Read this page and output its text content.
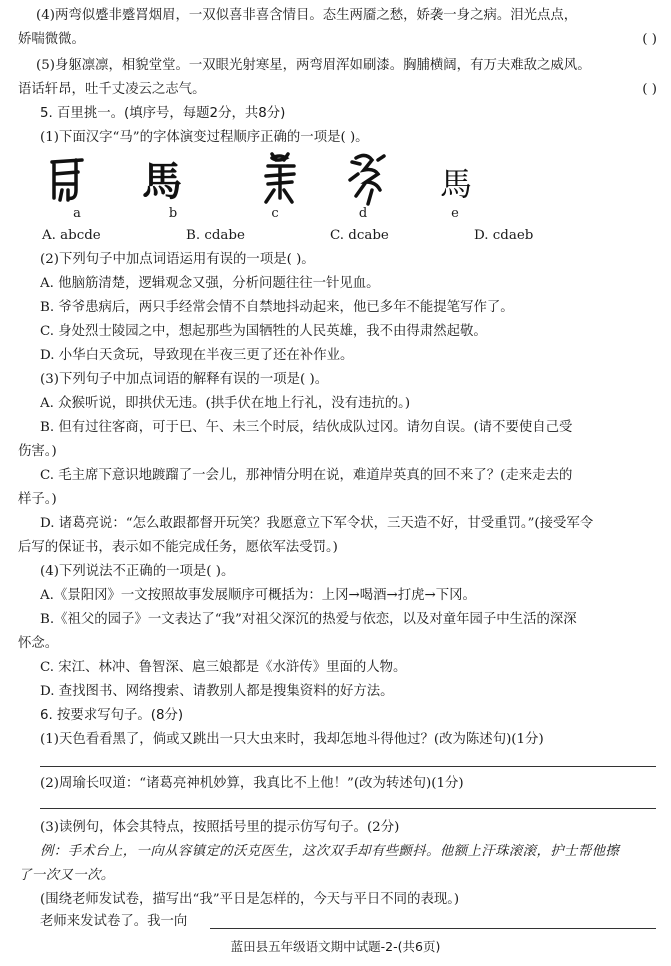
(4)两弯似蹙非蹙罥烟眉，一双似喜非喜含情目。态生两靥之愁，娇袭一身之病。泪光点点，
娇喘微微。	( )
(5)身躯凛凛，相貌堂堂。一双眼光射寒星，两弯眉浑如刷漆。胸脯横阔，有万夫难敌之威风。
语话轩昂，吐千丈凌云之志气。	( )
5. 百里挑一。(填序号，每题2分，共8分)
(1)下面汉字“马”的字体演变过程顺序正确的一项是( )。
馬	馬
a	b	c	d	e
A. abcde	B. cdabe	C. dcabe	D. cdaeb
(2)下列句子中加点词语运用有误的一项是( )。
A. 他脑筋清楚，逻辑观念又强，分析问题往往一针见血。
B. 爷爷患病后，两只手经常会情不自禁地抖动起来，他已多年不能提笔写作了。
C. 身处烈士陵园之中，想起那些为国牺牲的人民英雄，我不由得肃然起敬。
D. 小华白天贪玩，导致现在半夜三更了还在补作业。
(3)下列句子中加点词语的解释有误的一项是( )。
A. 众猴听说，即拱伏无违。(拱手伏在地上行礼，没有违抗的。)
B. 但有过往客商，可于巳、午、未三个时辰，结伙成队过冈。请勿自误。(请不要使自己受
伤害。)
C. 毛主席下意识地踱蹓了一会儿，那神情分明在说，难道岸英真的回不来了？(走来走去的
样子。)
D. 诸葛亮说：“怎么敢跟都督开玩笑？我愿意立下军令状，三天造不好，甘受重罚。”(接受军令
后写的保证书，表示如不能完成任务，愿依军法受罚。)
(4)下列说法不正确的一项是( )。
A.《景阳冈》一文按照故事发展顺序可概括为：上冈→喝酒→打虎→下冈。
B.《祖父的园子》一文表达了“我”对祖父深沉的热爱与依恋，以及对童年园子中生活的深深
怀念。
C. 宋江、林冲、鲁智深、扈三娘都是《水浒传》里面的人物。
D. 查找图书、网络搜索、请教别人都是搜集资料的好方法。
6. 按要求写句子。(8分)
(1)天色看看黑了，倘或又跳出一只大虫来时，我却怎地斗得他过？(改为陈述句)(1分)
(2)周瑜长叹道：“诸葛亮神机妙算，我真比不上他！”(改为转述句)(1分)
(3)读例句，体会其特点，按照括号里的提示仿写句子。(2分)
例：手术台上，一向从容镇定的沃克医生，这次双手却有些颤抖。他额上汗珠滚滚，护士帮他擦
了一次又一次。
(围绕老师发试卷，描写出“我”平日是怎样的，今天与平日不同的表现。)
老师来发试卷了。我一向
蓝田县五年级语文期中试题-2-(共6页)
